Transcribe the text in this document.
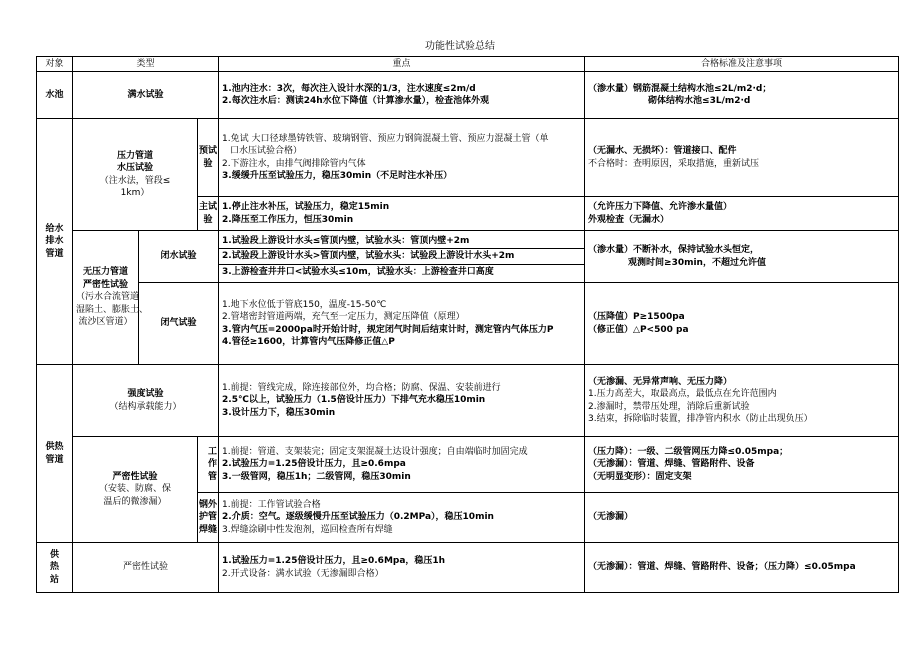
功能性试验总结
对象	类型			重点	合格标准及注意事项
水池	满水试验			1.池内注水：3次，每次注入设计水深的1/3，注水速度≤2m/d
2.每次注水后：测读24h水位下降值（计算渗水量），检查池体外观	（渗水量）钢筋混凝土结构水池≤2L/m2·d；
砌体结构水池≤3L/m2·d

给水
排水
管道	压力管道
水压试验
（注水法，管段≤
1km）		预试验	1.免试 大口径球墨铸铁管、玻璃钢管、预应力钢筒混凝土管、预应力混凝土管（单
口水压试验合格）
2.下游注水，由排气阀排除管内气体
3.缓缓升压至试验压力，稳压30min（不足时注水补压）	（无漏水、无损坏）：管道接口、配件
不合格时：查明原因，采取措施，重新试压

			主试验	1.停止注水补压，试验压力，稳定15min
2.降压至工作压力，恒压30min	（允许压力下降值、允许渗水量值）
外观检查（无漏水）

	无压力管道
严密性试验
（污水合流管道
湿陷土、膨胀土、
流沙区管道）	闭水试验		1.试验段上游设计水头≤管顶内壁，试验水头：管顶内壁+2m
2.试验段上游设计水头>管顶内壁，试验水头：试验段上游设计水头+2m
3.上游检查井井口<试验水头≤10m，试验水头：上游检查井口高度	（渗水量）不断补水，保持试验水头恒定，
观测时间≥30min，不超过允许值

		闭气试验		1.地下水位低于管底150，温度-15-50℃
2.管堵密封管道两端，充气至一定压力，测定压降值（原理）
3.管内气压=2000pa时开始计时，规定闭气时间后结束计时，测定管内气体压力P
4.管径≥1600，计算管内气压降修正值△P	（压降值）P≥1500pa
（修正值）△P<500 pa

供热
管道	强度试验
（结构承载能力）			1.前提：管线完成，除连接部位外，均合格；防腐、保温、安装前进行
2.5℃以上，试验压力（1.5倍设计压力）下排气充水稳压10min
3.设计压力下，稳压30min	（无渗漏、无异常声响、无压力降）
1.压力高差大，取最高点，最低点在允许范围内
2.渗漏时，禁带压处理，消除后重新试验
3.结束，拆除临时装置，排净管内积水（防止出现负压）

	严密性试验
（安装、防腐、保
温后的微渗漏）		工作管	1.前提：管道、支架装完；固定支架混凝土达设计强度；自由端临时加固完成
2.试验压力=1.25倍设计压力，且≥0.6mpa
3.一级管网，稳压1h；二级管网，稳压30min	（压力降）：一级、二级管网压力降≤0.05mpa；
（无渗漏）：管道、焊缝、管路附件、设备
（无明显变形）：固定支架

			钢外
护管
焊缝	1.前提：工作管试验合格
2.介质：空气。逐级缓慢升压至试验压力（0.2MPa），稳压10min
3.焊缝涂刷中性发泡剂，巡回检查所有焊缝	（无渗漏）

供
热
站	严密性试验			1.试验压力=1.25倍设计压力，且≥0.6Mpa，稳压1h
2.开式设备：满水试验（无渗漏即合格）	（无渗漏）：管道、焊缝、管路附件、设备；（压力降）≤0.05mpa
